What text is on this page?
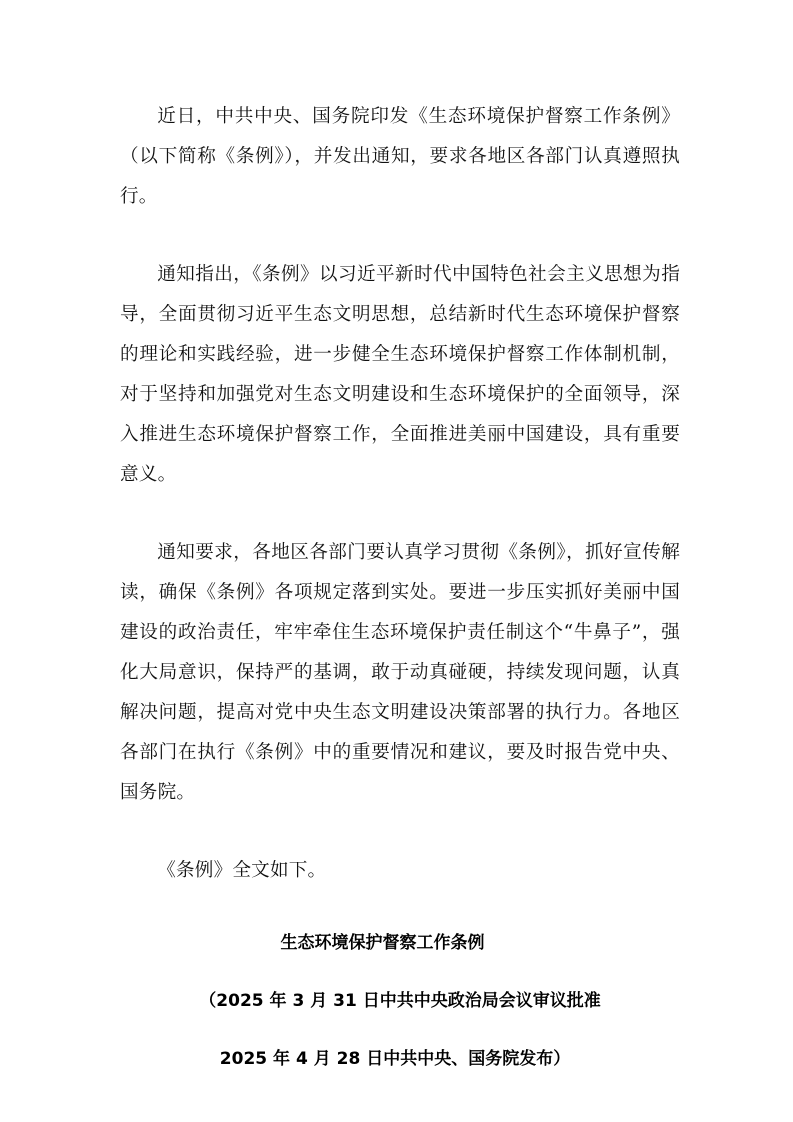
近日，中共中央、国务院印发《生态环境保护督察工作条例》（以下简称《条例》），并发出通知，要求各地区各部门认真遵照执行。

通知指出，《条例》以习近平新时代中国特色社会主义思想为指导，全面贯彻习近平生态文明思想，总结新时代生态环境保护督察的理论和实践经验，进一步健全生态环境保护督察工作体制机制，对于坚持和加强党对生态文明建设和生态环境保护的全面领导，深入推进生态环境保护督察工作，全面推进美丽中国建设，具有重要意义。

通知要求，各地区各部门要认真学习贯彻《条例》，抓好宣传解读，确保《条例》各项规定落到实处。要进一步压实抓好美丽中国建设的政治责任，牢牢牵住生态环境保护责任制这个“牛鼻子”，强化大局意识，保持严的基调，敢于动真碰硬，持续发现问题，认真解决问题，提高对党中央生态文明建设决策部署的执行力。各地区各部门在执行《条例》中的重要情况和建议，要及时报告党中央、国务院。

《条例》全文如下。

生态环境保护督察工作条例

（2025 年 3 月 31 日中共中央政治局会议审议批准

2025 年 4 月 28 日中共中央、国务院发布）
